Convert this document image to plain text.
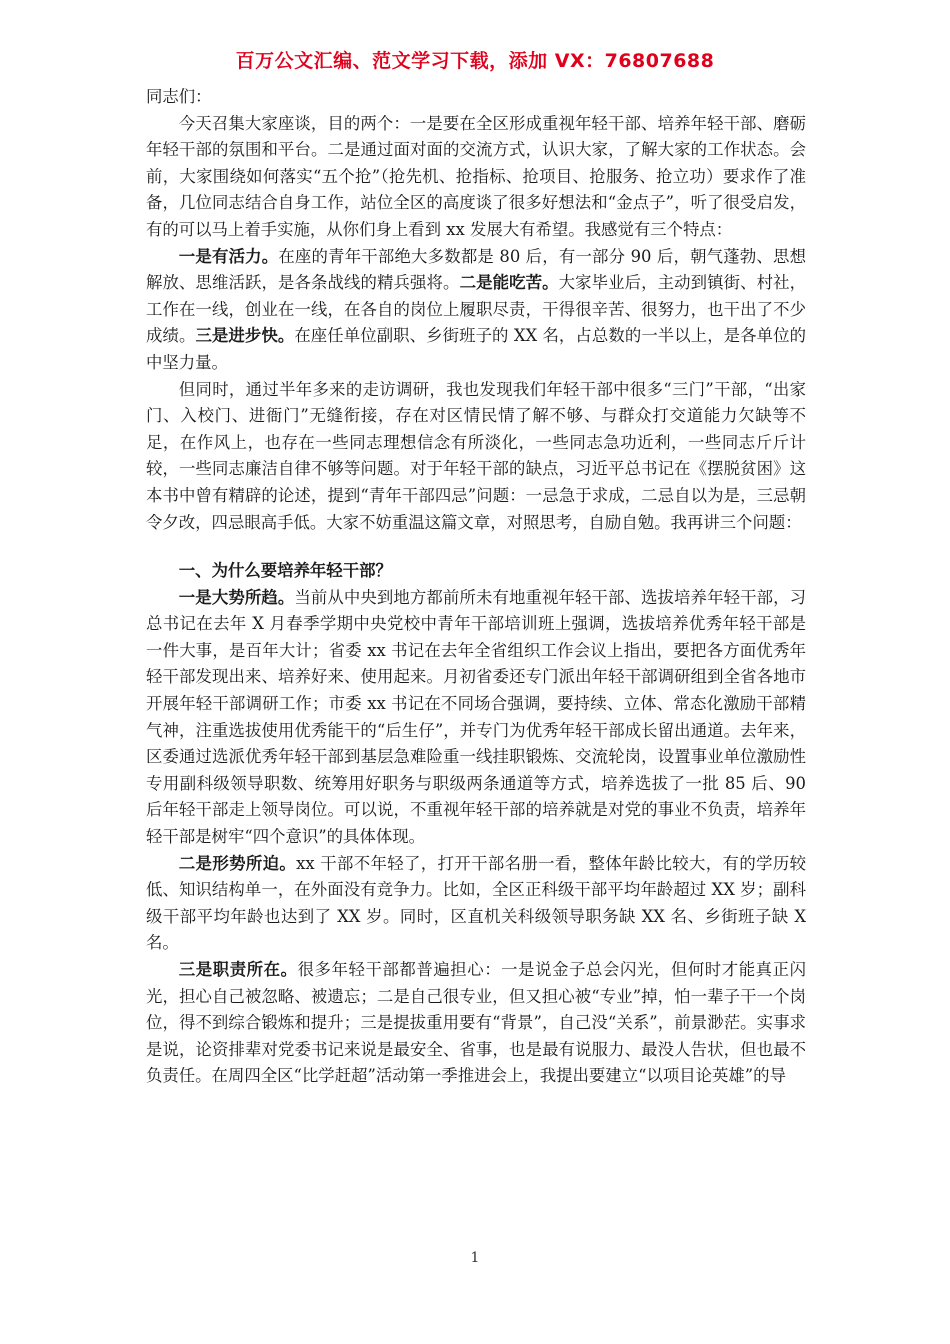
百万公文汇编、范文学习下载，添加 VX：76807688

同志们：

今天召集大家座谈，目的两个：一是要在全区形成重视年轻干部、培养年轻干部、磨砺年轻干部的氛围和平台。二是通过面对面的交流方式，认识大家，了解大家的工作状态。会前，大家围绕如何落实“五个抢”（抢先机、抢指标、抢项目、抢服务、抢立功）要求作了准备，几位同志结合自身工作，站位全区的高度谈了很多好想法和“金点子”，听了很受启发，有的可以马上着手实施，从你们身上看到 xx 发展大有希望。我感觉有三个特点：

一是有活力。在座的青年干部绝大多数都是 80 后，有一部分 90 后，朝气蓬勃、思想解放、思维活跃，是各条战线的精兵强将。二是能吃苦。大家毕业后，主动到镇街、村社，工作在一线，创业在一线，在各自的岗位上履职尽责，干得很辛苦、很努力，也干出了不少成绩。三是进步快。在座任单位副职、乡街班子的 XX 名，占总数的一半以上，是各单位的中坚力量。

但同时，通过半年多来的走访调研，我也发现我们年轻干部中很多“三门”干部，“出家门、入校门、进衙门”无缝衔接，存在对区情民情了解不够、与群众打交道能力欠缺等不足，在作风上，也存在一些同志理想信念有所淡化，一些同志急功近利，一些同志斤斤计较，一些同志廉洁自律不够等问题。对于年轻干部的缺点，习近平总书记在《摆脱贫困》这本书中曾有精辟的论述，提到“青年干部四忌”问题：一忌急于求成，二忌自以为是，三忌朝令夕改，四忌眼高手低。大家不妨重温这篇文章，对照思考，自励自勉。我再讲三个问题：

一、为什么要培养年轻干部？

一是大势所趋。当前从中央到地方都前所未有地重视年轻干部、选拔培养年轻干部，习总书记在去年 X 月春季学期中央党校中青年干部培训班上强调，选拔培养优秀年轻干部是一件大事，是百年大计；省委 xx 书记在去年全省组织工作会议上指出，要把各方面优秀年轻干部发现出来、培养好来、使用起来。月初省委还专门派出年轻干部调研组到全省各地市开展年轻干部调研工作；市委 xx 书记在不同场合强调，要持续、立体、常态化激励干部精气神，注重选拔使用优秀能干的“后生仔”，并专门为优秀年轻干部成长留出通道。去年来，区委通过选派优秀年轻干部到基层急难险重一线挂职锻炼、交流轮岗，设置事业单位激励性专用副科级领导职数、统筹用好职务与职级两条通道等方式，培养选拔了一批 85 后、90 后年轻干部走上领导岗位。可以说，不重视年轻干部的培养就是对党的事业不负责，培养年轻干部是树牢“四个意识”的具体体现。

二是形势所迫。xx 干部不年轻了，打开干部名册一看，整体年龄比较大，有的学历较低、知识结构单一，在外面没有竞争力。比如，全区正科级干部平均年龄超过 XX 岁；副科级干部平均年龄也达到了 XX 岁。同时，区直机关科级领导职务缺 XX 名、乡街班子缺 X 名。

三是职责所在。很多年轻干部都普遍担心：一是说金子总会闪光，但何时才能真正闪光，担心自己被忽略、被遗忘；二是自己很专业，但又担心被“专业”掉，怕一辈子干一个岗位，得不到综合锻炼和提升；三是提拔重用要有“背景”，自己没“关系”，前景渺茫。实事求是说，论资排辈对党委书记来说是最安全、省事，也是最有说服力、最没人告状，但也最不负责任。在周四全区“比学赶超”活动第一季推进会上，我提出要建立“以项目论英雄”的导

1
